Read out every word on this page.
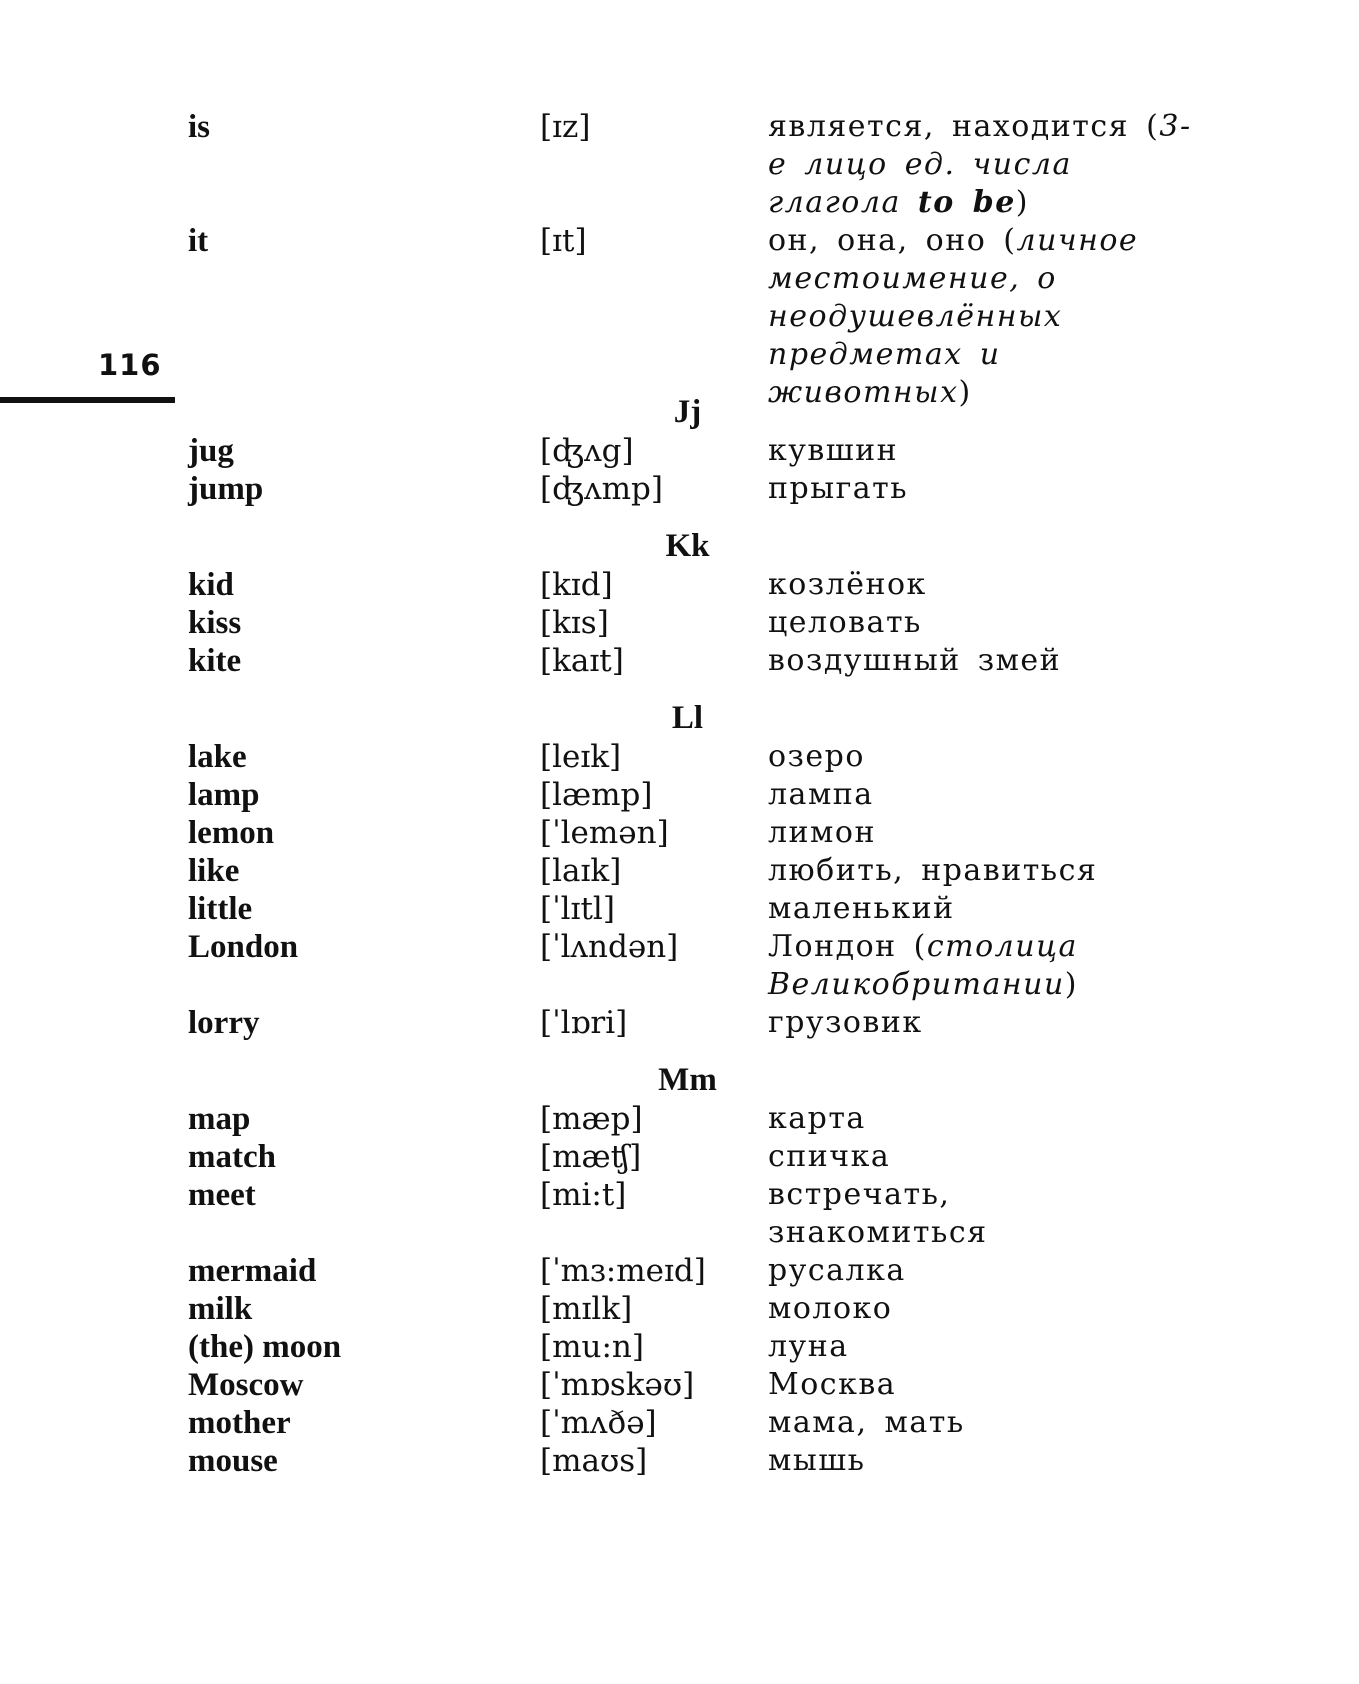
116
is	[ɪz]	является, находится (3-е лицо ед. числа глагола to be)
it	[ɪt]	он, она, оно (личное местоимение, о неодушевлённых предметах и животных)
Jj
jug	[ʤʌg]	кувшин
jump	[ʤʌmp]	прыгать
Kk
kid	[kɪd]	козлёнок
kiss	[kɪs]	целовать
kite	[kaɪt]	воздушный змей
Ll
lake	[leɪk]	озеро
lamp	[læmp]	лампа
lemon	[ˈlemən]	лимон
like	[laɪk]	любить, нравиться
little	[ˈlɪtl]	маленький
London	[ˈlʌndən]	Лондон (столица Великобритании)
lorry	[ˈlɒri]	грузовик
Mm
map	[mæp]	карта
match	[mæʧ]	спичка
meet	[mi:t]	встречать, знакомиться
mermaid	[ˈmɜ:meɪd] русалка
milk	[mɪlk]	молоко
(the) moon	[mu:n]	луна
Moscow	[ˈmɒskəʊ] Москва
mother	[ˈmʌðə]	мама, мать
mouse	[maʊs]	мышь
